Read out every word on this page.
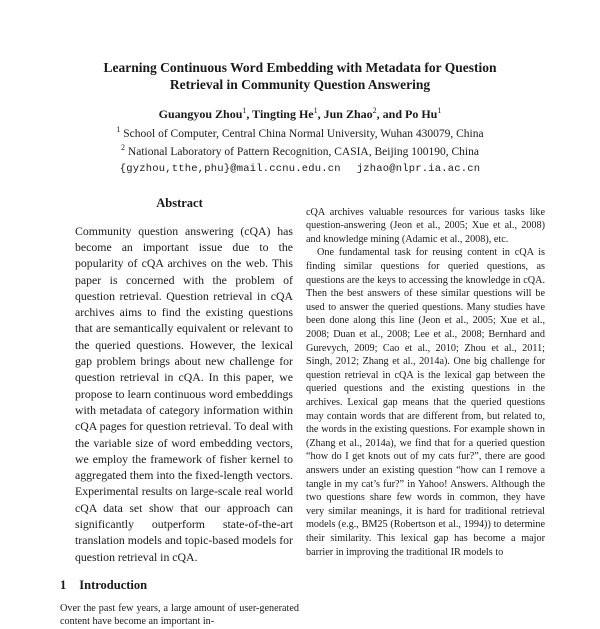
Learning Continuous Word Embedding with Metadata for Question
Retrieval in Community Question Answering
Guangyou Zhou$^1$, Tingting He$^1$, Jun Zhao$^2$, and Po Hu$^1$
$^1$ School of Computer, Central China Normal University, Wuhan 430079, China
$^2$ National Laboratory of Pattern Recognition, CASIA, Beijing 100190, China
{gyzhou,tthe,phu}@mail.ccnu.edu.cn jzhao@nlpr.ia.ac.cn
Abstract
Community question answering (cQA) has become an important issue due to the popularity of cQA archives on the web. This paper is concerned with the problem of question retrieval. Question retrieval in cQA archives aims to find the existing questions that are semantically equivalent or relevant to the queried questions. However, the lexical gap problem brings about new challenge for question retrieval in cQA. In this paper, we propose to learn continuous word embeddings with metadata of category information within cQA pages for question retrieval. To deal with the variable size of word embedding vectors, we employ the framework of fisher kernel to aggregated them into the fixed-length vectors. Experimental results on large-scale real world cQA data set show that our approach can significantly outperform state-of-the-art translation models and topic-based models for question retrieval in cQA.
1 Introduction
Over the past few years, a large amount of user-generated content have become an important in-

cQA archives valuable resources for various tasks like question-answering (Jeon et al., 2005; Xue et al., 2008) and knowledge mining (Adamic et al., 2008), etc.

One fundamental task for reusing content in cQA is finding similar questions for queried questions, as questions are the keys to accessing the knowledge in cQA. Then the best answers of these similar questions will be used to answer the queried questions. Many studies have been done along this line (Jeon et al., 2005; Xue et al., 2008; Duan et al., 2008; Lee et al., 2008; Bernhard and Gurevych, 2009; Cao et al., 2010; Zhou et al., 2011; Singh, 2012; Zhang et al., 2014a). One big challenge for question retrieval in cQA is the lexical gap between the queried questions and the existing questions in the archives. Lexical gap means that the queried questions may contain words that are different from, but related to, the words in the existing questions. For example shown in (Zhang et al., 2014a), we find that for a queried question “how do I get knots out of my cats fur?”, there are good answers under an existing question “how can I remove a tangle in my cat’s fur?” in Yahoo! Answers. Although the two questions share few words in common, they have very similar meanings, it is hard for traditional retrieval models (e.g., BM25 (Robertson et al., 1994)) to determine their similarity. This lexical gap has become a major barrier in improving the traditional IR models to
